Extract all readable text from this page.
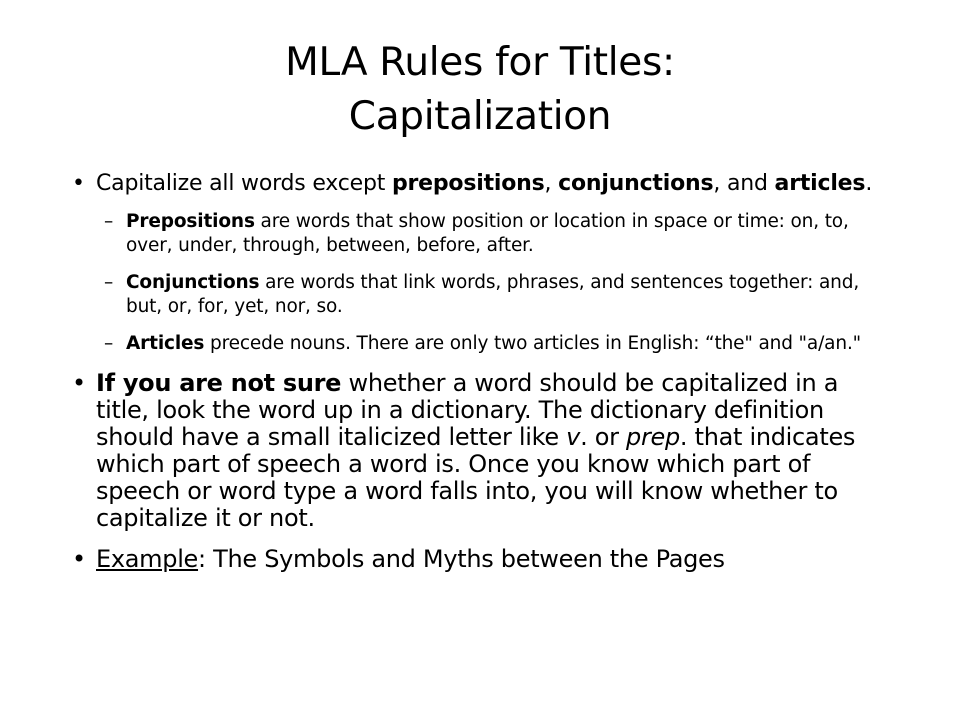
MLA Rules for Titles:
Capitalization
• Capitalize all words except prepositions, conjunctions, and articles.
– Prepositions are words that show position or location in space or time: on, to, over, under, through, between, before, after.
– Conjunctions are words that link words, phrases, and sentences together: and, but, or, for, yet, nor, so.
– Articles precede nouns. There are only two articles in English: “the" and "a/an."
• If you are not sure whether a word should be capitalized in a title, look the word up in a dictionary. The dictionary definition should have a small italicized letter like v. or prep. that indicates which part of speech a word is. Once you know which part of speech or word type a word falls into, you will know whether to capitalize it or not.
• Example: The Symbols and Myths between the Pages
